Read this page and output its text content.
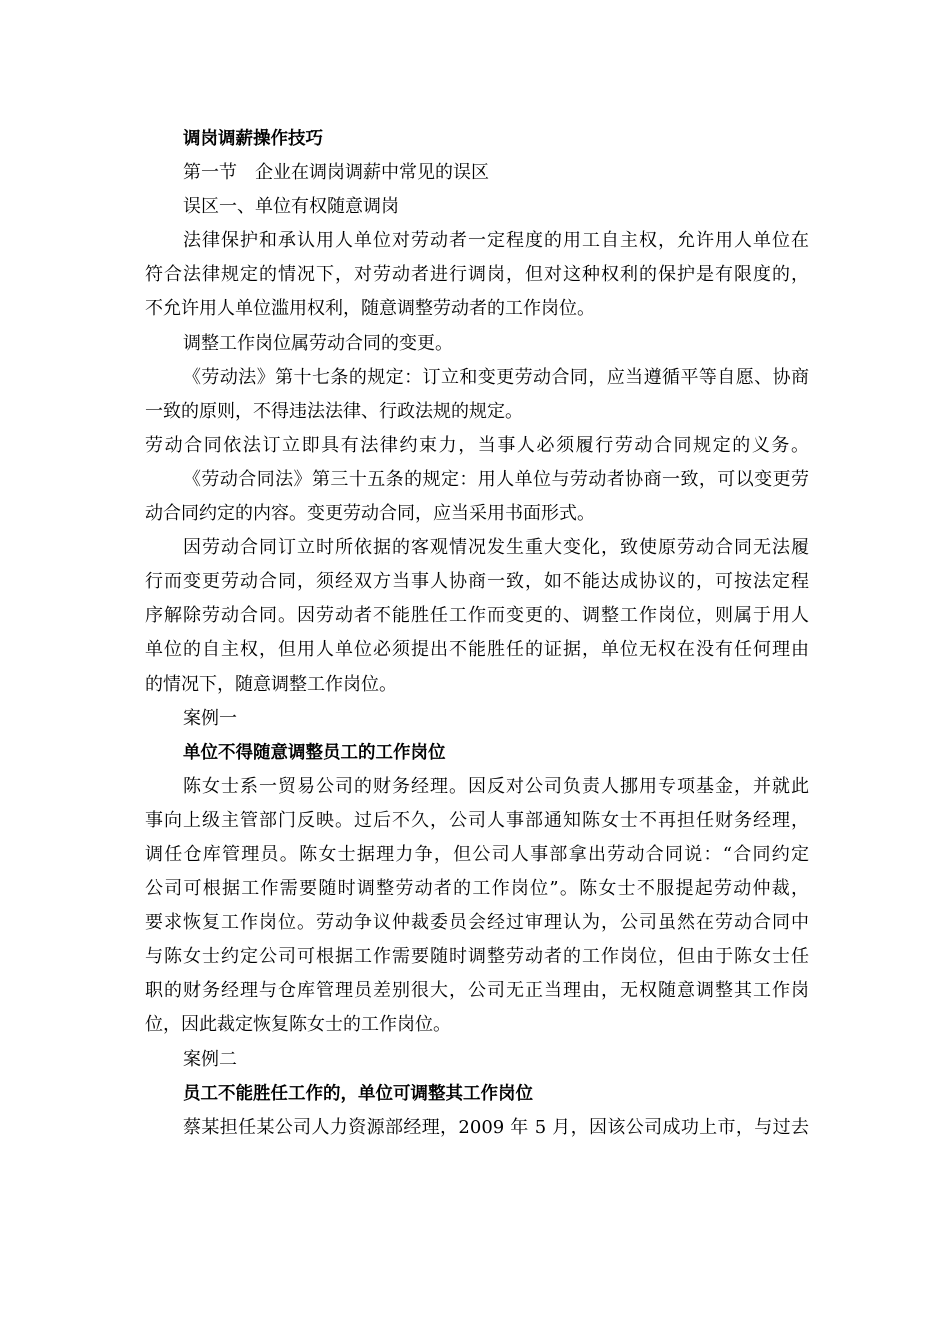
调岗调薪操作技巧
第一节　企业在调岗调薪中常见的误区
误区一、单位有权随意调岗
法律保护和承认用人单位对劳动者一定程度的用工自主权，允许用人单位在
符合法律规定的情况下，对劳动者进行调岗，但对这种权利的保护是有限度的，
不允许用人单位滥用权利，随意调整劳动者的工作岗位。
调整工作岗位属劳动合同的变更。
《劳动法》第十七条的规定：订立和变更劳动合同，应当遵循平等自愿、协商
一致的原则，不得违法法律、行政法规的规定。
劳动合同依法订立即具有法律约束力，当事人必须履行劳动合同规定的义务。
《劳动合同法》第三十五条的规定：用人单位与劳动者协商一致，可以变更劳
动合同约定的内容。变更劳动合同，应当采用书面形式。
因劳动合同订立时所依据的客观情况发生重大变化，致使原劳动合同无法履
行而变更劳动合同，须经双方当事人协商一致，如不能达成协议的，可按法定程
序解除劳动合同。因劳动者不能胜任工作而变更的、调整工作岗位，则属于用人
单位的自主权，但用人单位必须提出不能胜任的证据，单位无权在没有任何理由
的情况下，随意调整工作岗位。
案例一
单位不得随意调整员工的工作岗位
陈女士系一贸易公司的财务经理。因反对公司负责人挪用专项基金，并就此
事向上级主管部门反映。过后不久，公司人事部通知陈女士不再担任财务经理，
调任仓库管理员。陈女士据理力争，但公司人事部拿出劳动合同说：“合同约定
公司可根据工作需要随时调整劳动者的工作岗位”。陈女士不服提起劳动仲裁，
要求恢复工作岗位。劳动争议仲裁委员会经过审理认为，公司虽然在劳动合同中
与陈女士约定公司可根据工作需要随时调整劳动者的工作岗位，但由于陈女士任
职的财务经理与仓库管理员差别很大，公司无正当理由，无权随意调整其工作岗
位，因此裁定恢复陈女士的工作岗位。
案例二
员工不能胜任工作的，单位可调整其工作岗位
蔡某担任某公司人力资源部经理，2009 年 5 月，因该公司成功上市，与过去
